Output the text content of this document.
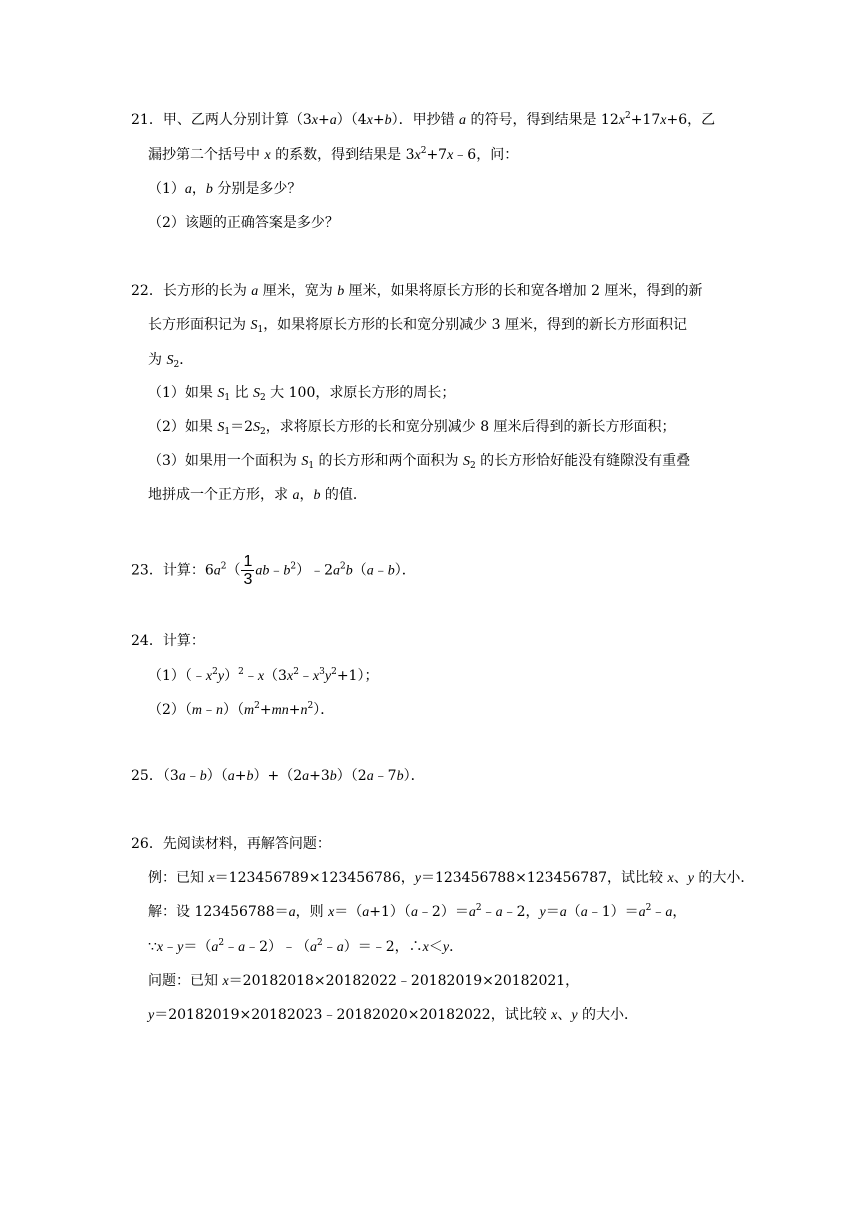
21．甲、乙两人分别计算（3x+a）（4x+b）．甲抄错 a 的符号，得到结果是 $12x^2+17x+6$，乙
漏抄第二个括号中 x 的系数，得到结果是 $3x^2+7x﹣6$，问：
（1）a，b 分别是多少？
（2）该题的正确答案是多少？
22．长方形的长为 a 厘米，宽为 b 厘米，如果将原长方形的长和宽各增加 2 厘米，得到的新
长方形面积记为 $S_1$，如果将原长方形的长和宽分别减少 3 厘米，得到的新长方形面积记
为 $S_2$．
（1）如果 $S_1$ 比 $S_2$ 大 100，求原长方形的周长；
（2）如果 $S_1=2S_2$，求将原长方形的长和宽分别减少 8 厘米后得到的新长方形面积；
（3）如果用一个面积为 $S_1$ 的长方形和两个面积为 $S_2$ 的长方形恰好能没有缝隙没有重叠
地拼成一个正方形，求 a，b 的值．
23．计算：$6a^2( \frac{1}{3}$ $ab﹣b^2)﹣2a^2b(a﹣b)$．
24．计算：
$(1)(﹣x^2y)^2﹣x(3x^2﹣x^3y^2+1)$；
$(2)(m﹣n)(m^2+mn+n^2)$．
25．（3a﹣b）（a+b）+（2a+3b）（2a﹣7b）．
26．先阅读材料，再解答问题：
例：已知 x＝123456789×123456786，y＝123456788×123456787，试比较 x、y 的大小．
解：设 123456788＝a，则 $x=(a+1)(a﹣2)=a^2﹣a﹣2$，$y=a(a﹣1)=a^2﹣a$，
$\because x﹣y=(a^2﹣a﹣2)﹣(a^2﹣a)=﹣2$，∴x＜y．
问题：已知 x＝20182018×20182022﹣20182019×20182021，
y＝20182019×20182023﹣20182020×20182022，试比较 x、y 的大小．
